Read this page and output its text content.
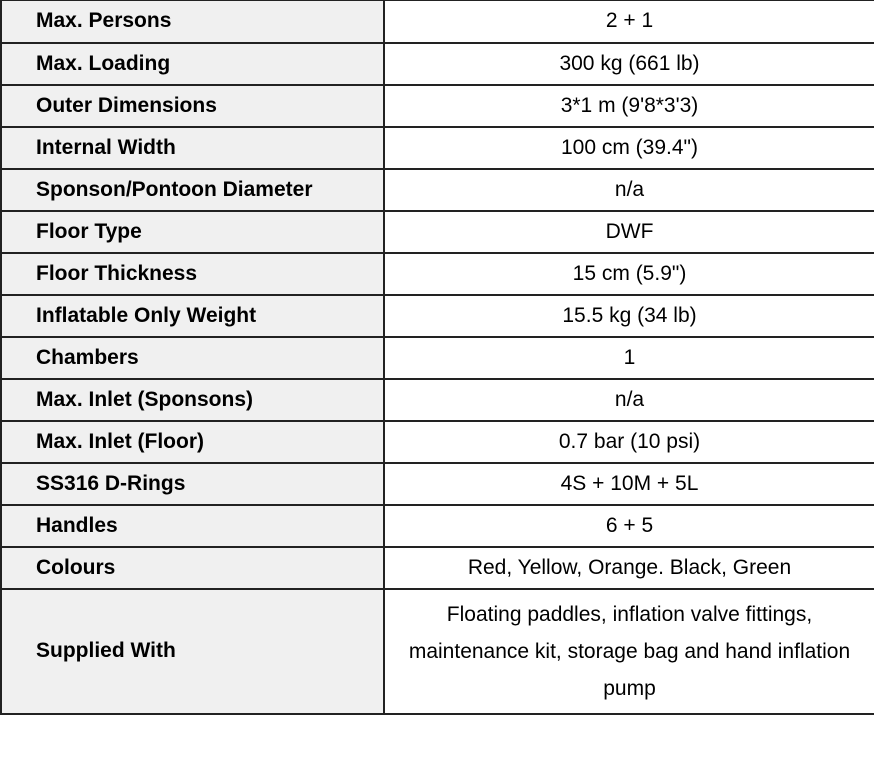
Max. Persons	2 + 1
Max. Loading	300 kg (661 lb)
Outer Dimensions	3*1 m (9'8*3'3)
Internal Width	100 cm (39.4")
Sponson/Pontoon Diameter	n/a
Floor Type	DWF
Floor Thickness	15 cm (5.9")
Inflatable Only Weight	15.5 kg (34 lb)
Chambers	1
Max. Inlet (Sponsons)	n/a
Max. Inlet (Floor)	0.7 bar (10 psi)
SS316 D-Rings	4S + 10M + 5L
Handles	6 + 5
Colours	Red, Yellow, Orange. Black, Green
Supplied With	Floating paddles, inflation valve fittings, maintenance kit, storage bag and hand inflation pump
